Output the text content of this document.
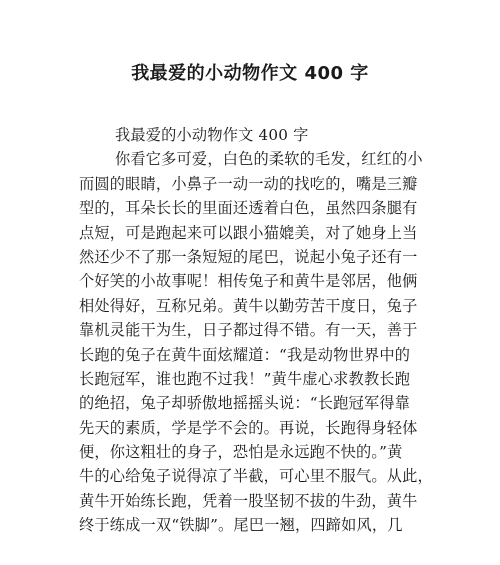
我最爱的小动物作文 400 字
我最爱的小动物作文 400 字
你看它多可爱，白色的柔软的毛发，红红的小
而圆的眼睛，小鼻子一动一动的找吃的，嘴是三瓣
型的，耳朵长长的里面还透着白色，虽然四条腿有
点短，可是跑起来可以跟小猫媲美，对了她身上当
然还少不了那一条短短的尾巴，说起小兔子还有一
个好笑的小故事呢！相传兔子和黄牛是邻居，他俩
相处得好，互称兄弟。黄牛以勤劳苦干度日，兔子
靠机灵能干为生，日子都过得不错。有一天，善于
长跑的兔子在黄牛面炫耀道：“我是动物世界中的
长跑冠军，谁也跑不过我！”黄牛虚心求教教长跑
的绝招，兔子却骄傲地摇摇头说：“长跑冠军得靠
先天的素质，学是学不会的。再说，长跑得身轻体
便，你这粗壮的身子，恐怕是永远跑不快的。”黄
牛的心给兔子说得凉了半截，可心里不服气。从此，
黄牛开始练长跑，凭着一股坚韧不拔的牛劲，黄牛
终于练成一双“铁脚”。尾巴一翘，四蹄如风，几
